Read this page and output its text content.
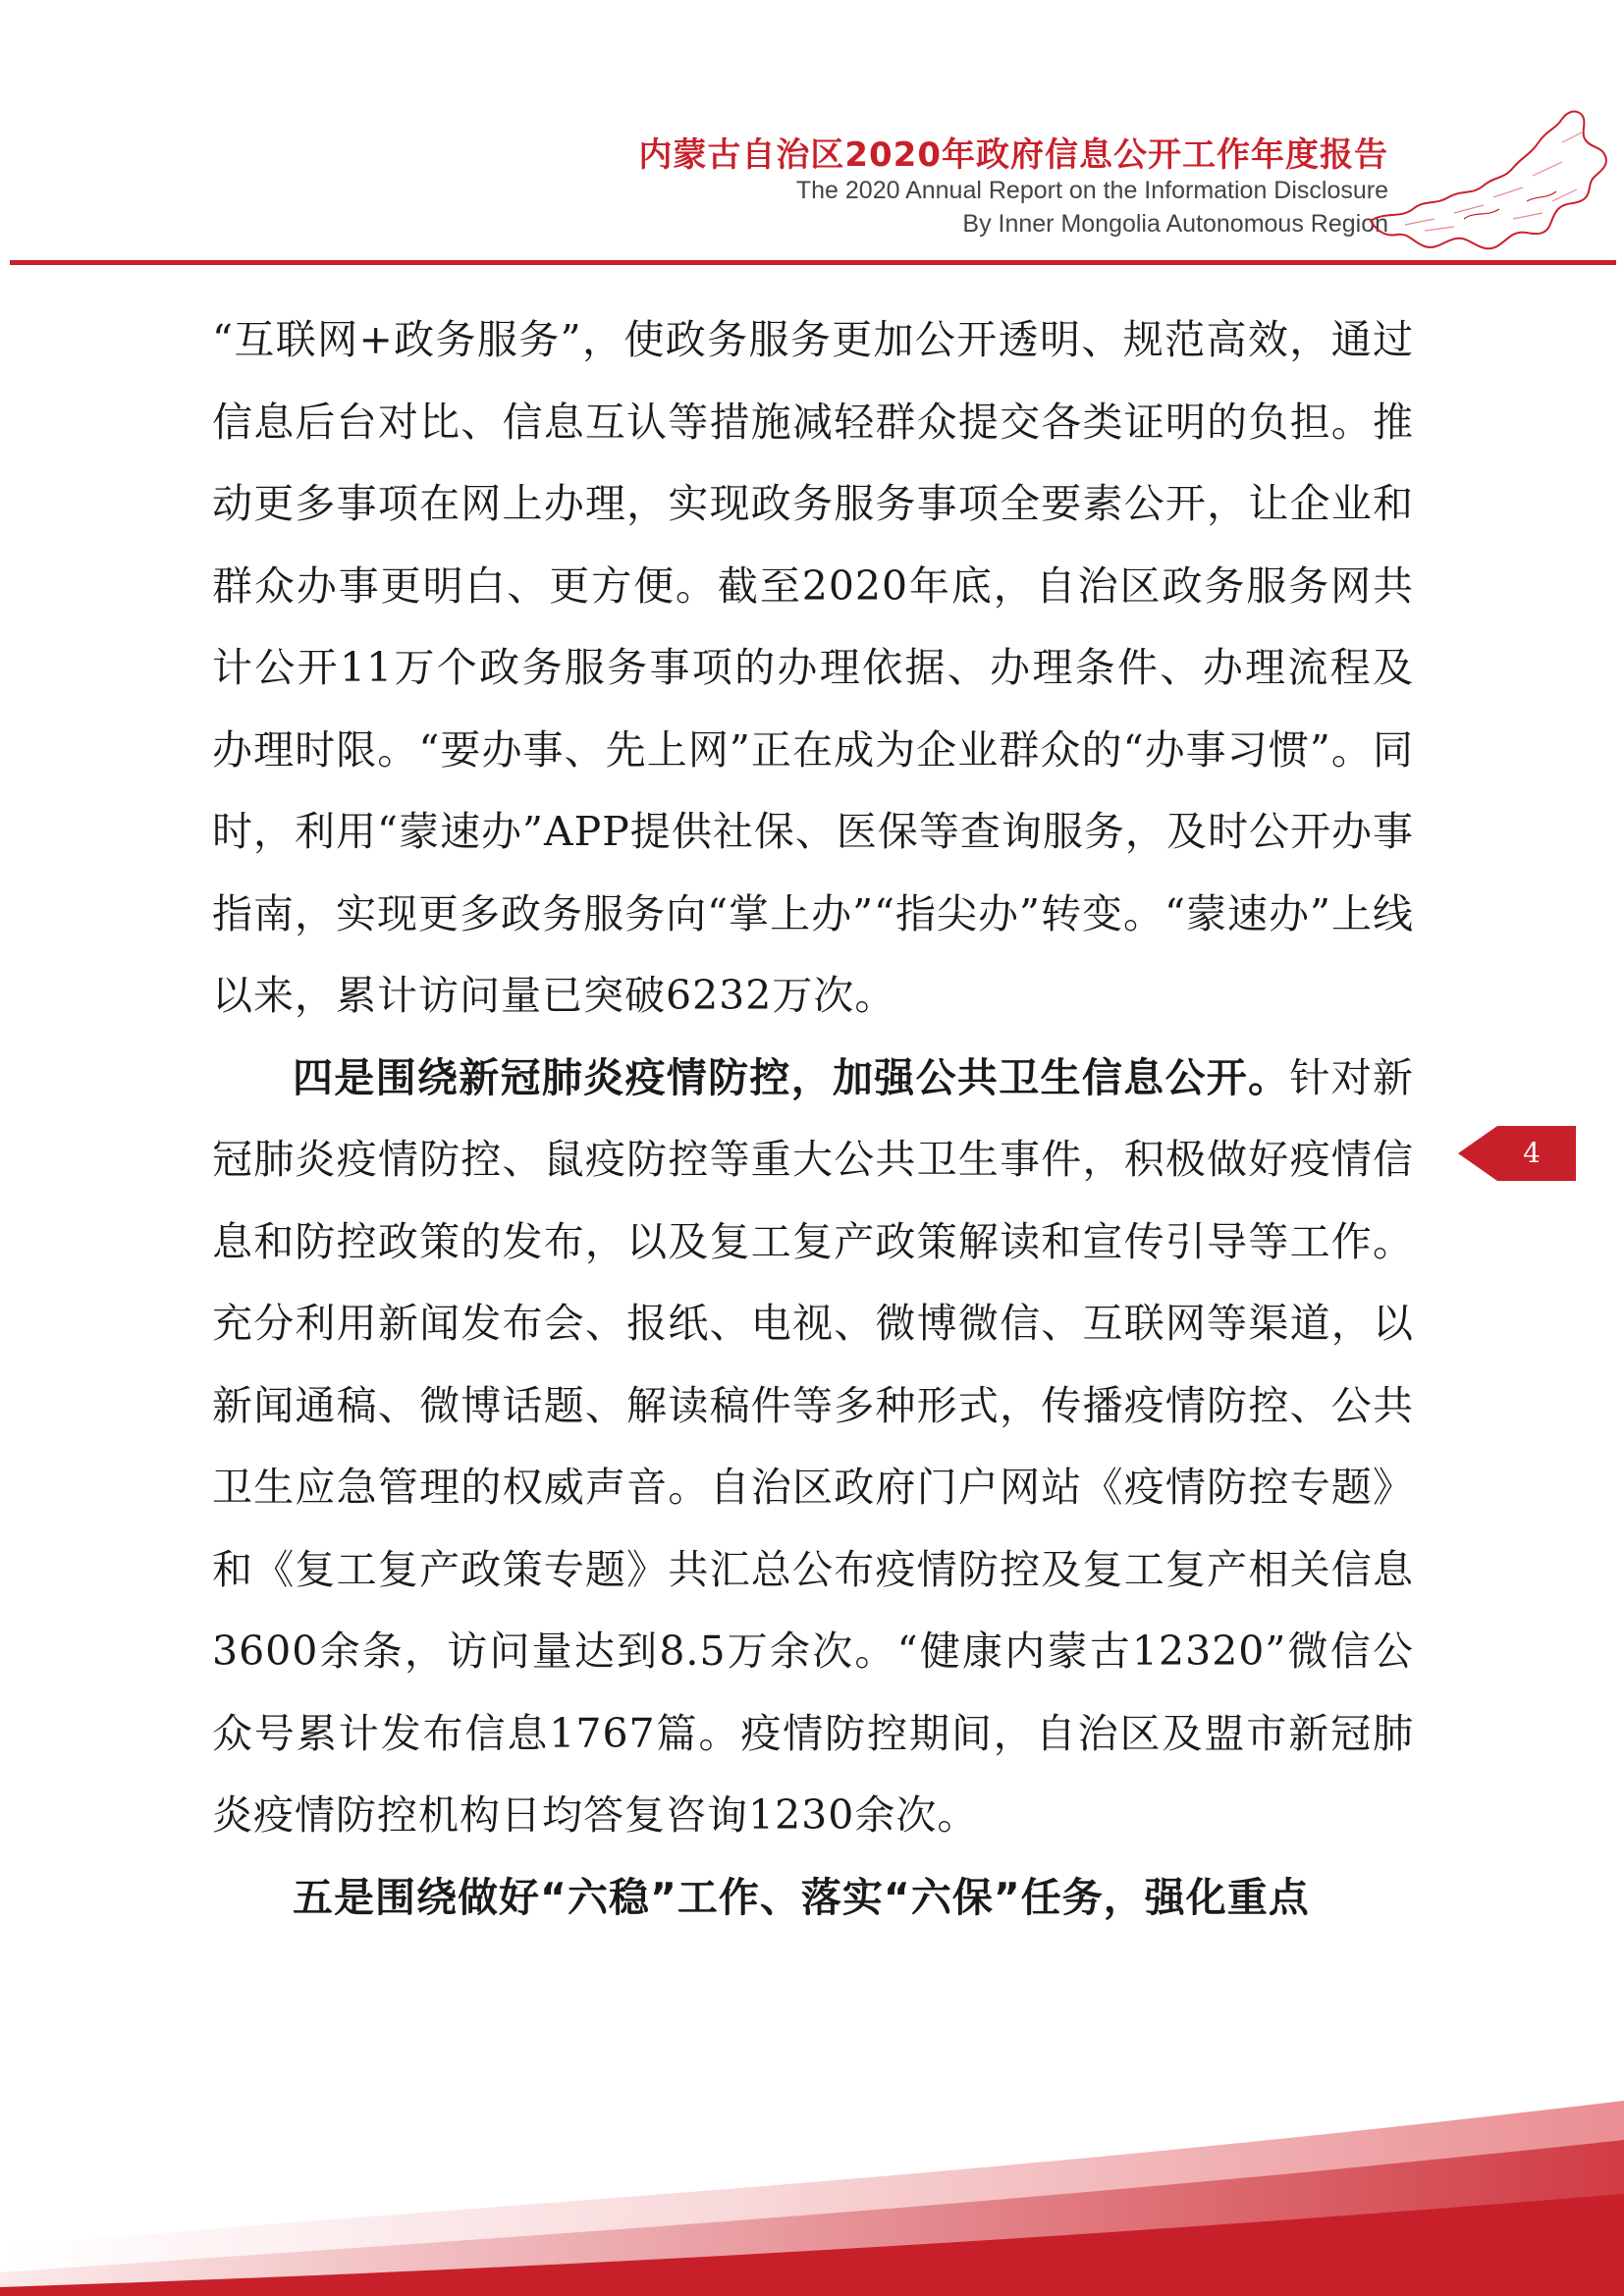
内蒙古自治区2020年政府信息公开工作年度报告
The 2020 Annual Report on the Information Disclosure
By Inner Mongolia Autonomous Region

“互联网+政务服务”，使政务服务更加公开透明、规范高效，通过信息后台对比、信息互认等措施减轻群众提交各类证明的负担。推动更多事项在网上办理，实现政务服务事项全要素公开，让企业和群众办事更明白、更方便。截至2020年底，自治区政务服务网共计公开11万个政务服务事项的办理依据、办理条件、办理流程及办理时限。“要办事、先上网”正在成为企业群众的“办事习惯”。同时，利用“蒙速办”APP提供社保、医保等查询服务，及时公开办事指南，实现更多政务服务向“掌上办”“指尖办”转变。“蒙速办”上线以来，累计访问量已突破6232万次。

四是围绕新冠肺炎疫情防控，加强公共卫生信息公开。针对新冠肺炎疫情防控、鼠疫防控等重大公共卫生事件，积极做好疫情信息和防控政策的发布，以及复工复产政策解读和宣传引导等工作。充分利用新闻发布会、报纸、电视、微博微信、互联网等渠道，以新闻通稿、微博话题、解读稿件等多种形式，传播疫情防控、公共卫生应急管理的权威声音。自治区政府门户网站《疫情防控专题》和《复工复产政策专题》共汇总公布疫情防控及复工复产相关信息3600余条，访问量达到8.5万余次。“健康内蒙古12320”微信公众号累计发布信息1767篇。疫情防控期间，自治区及盟市新冠肺炎疫情防控机构日均答复咨询1230余次。

五是围绕做好“六稳”工作、落实“六保”任务，强化重点

4
